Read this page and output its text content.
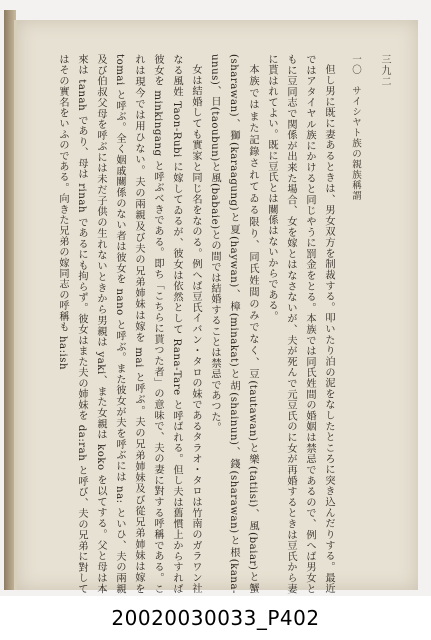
三九二
一〇　サイシヤト族の親族稱謂

但し男に既に妻あるときは、男女双方を制裁する。叩いたり泊の泥をなしたところに突き込んだりする。最近ではアタイヤル族にかけると同じやうに罰金をとる。本族では同氏姓間の婚姻は禁忌であるので、例へば男女ともに豆同志で関係が出来た場合、女を嫁とはなさないが、夫が死んで元豆氏のに女が再婚するときは豆氏から妻に貰はれてよい。既に豆氏とは關係はないからである。

本族ではまた記錄されてゐる限り、同氏姓間のみでなく、豆(tautawan)と樂(tatiisi)、風(baiar)と蟹(sharawan)、獅(karaagung)と夏(haywan)、樟(minakat)と胡(shainun)、錢(sharawan)と根(kana-unus)、日(taoubun)と風(babaie)との間では結婚することは禁忌であつた。

女は結婚しても實家と同じ名をなのる。例へば豆氏イバン・タロの妹であるタラオ・タロは竹南のガラワン社なる風姓 Taon-Rubi に嫁してゐるが、彼女は依然として Rana-Tare と呼ばれる。但し夫は舊慣上からすれば彼女を minkingang と呼ぶべきである。即ち「こちらに貰つた者」の意味で、夫の妻に對する呼稱である。これは現今では用ひない。夫の兩親及び夫の兄弟姉妹は嫁を mai と呼ぶ。夫の兄弟姉妹及び從兄弟姉妹は嫁を tomai と呼ぶ。全く姻戚關係のない者は彼女を nano と呼ぶ。また彼女が夫を呼ぶには na: といひ、夫の兩親及び伯叔父母を呼ぶには未だ子供の生れないときから男親は yaki、また女親は koko を以てする。父と母は本來は tanah であり、母は rinah であるにも拘らず。彼女はまた夫の姉妹を da:rah と呼び、夫の兄弟に對してはその實名をいふのである。向きた兄弟の嫁同志の呼稱も ha:ish

20020030033_P402
